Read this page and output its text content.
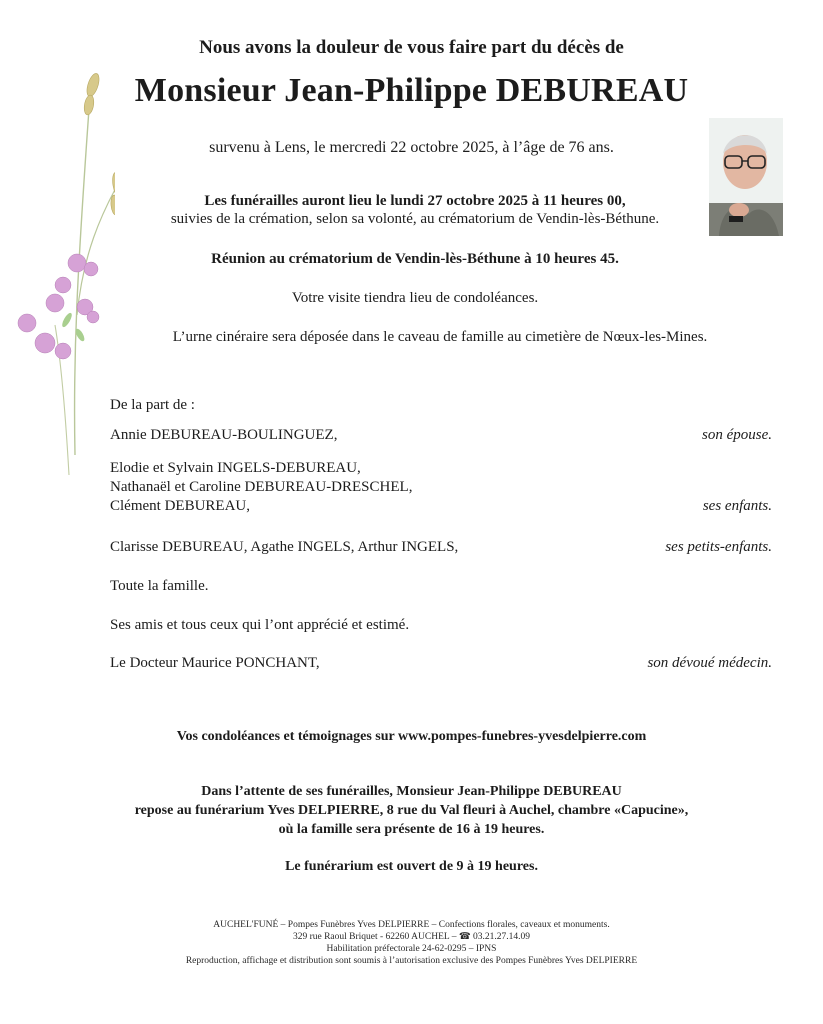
Nous avons la douleur de vous faire part du décès de
Monsieur Jean-Philippe DEBUREAU
survenu à Lens, le mercredi 22 octobre 2025, à l’âge de 76 ans.
Les funérailles auront lieu le lundi 27 octobre 2025 à 11 heures 00,
suivies de la crémation, selon sa volonté, au crématorium de Vendin-lès-Béthune.
Réunion au crématorium de Vendin-lès-Béthune à 10 heures 45.
Votre visite tiendra lieu de condoléances.
L’urne cinéraire sera déposée dans le caveau de famille au cimetière de Nœux-les-Mines.
De la part de :
Annie DEBUREAU-BOULINGUEZ,	son épouse.
Elodie et Sylvain INGELS-DEBUREAU,
Nathanaël et Caroline DEBUREAU-DRESCHEL,
Clément DEBUREAU,	ses enfants.
Clarisse DEBUREAU, Agathe INGELS, Arthur INGELS,	ses petits-enfants.
Toute la famille.
Ses amis et tous ceux qui l’ont apprécié et estimé.
Le Docteur Maurice PONCHANT,	son dévoué médecin.
Vos condoléances et témoignages sur www.pompes-funebres-yvesdelpierre.com
Dans l’attente de ses funérailles, Monsieur Jean-Philippe DEBUREAU
repose au funérarium Yves DELPIERRE, 8 rue du Val fleuri à Auchel, chambre «Capucine»,
où la famille sera présente de 16 à 19 heures.
Le funérarium est ouvert de 9 à 19 heures.
AUCHEL'FUNÉ – Pompes Funèbres Yves DELPIERRE – Confections florales, caveaux et monuments.
329 rue Raoul Briquet - 62260 AUCHEL – ☎ 03.21.27.14.09
Habilitation préfectorale 24-62-0295 – IPNS
Reproduction, affichage et distribution sont soumis à l’autorisation exclusive des Pompes Funèbres Yves DELPIERRE
